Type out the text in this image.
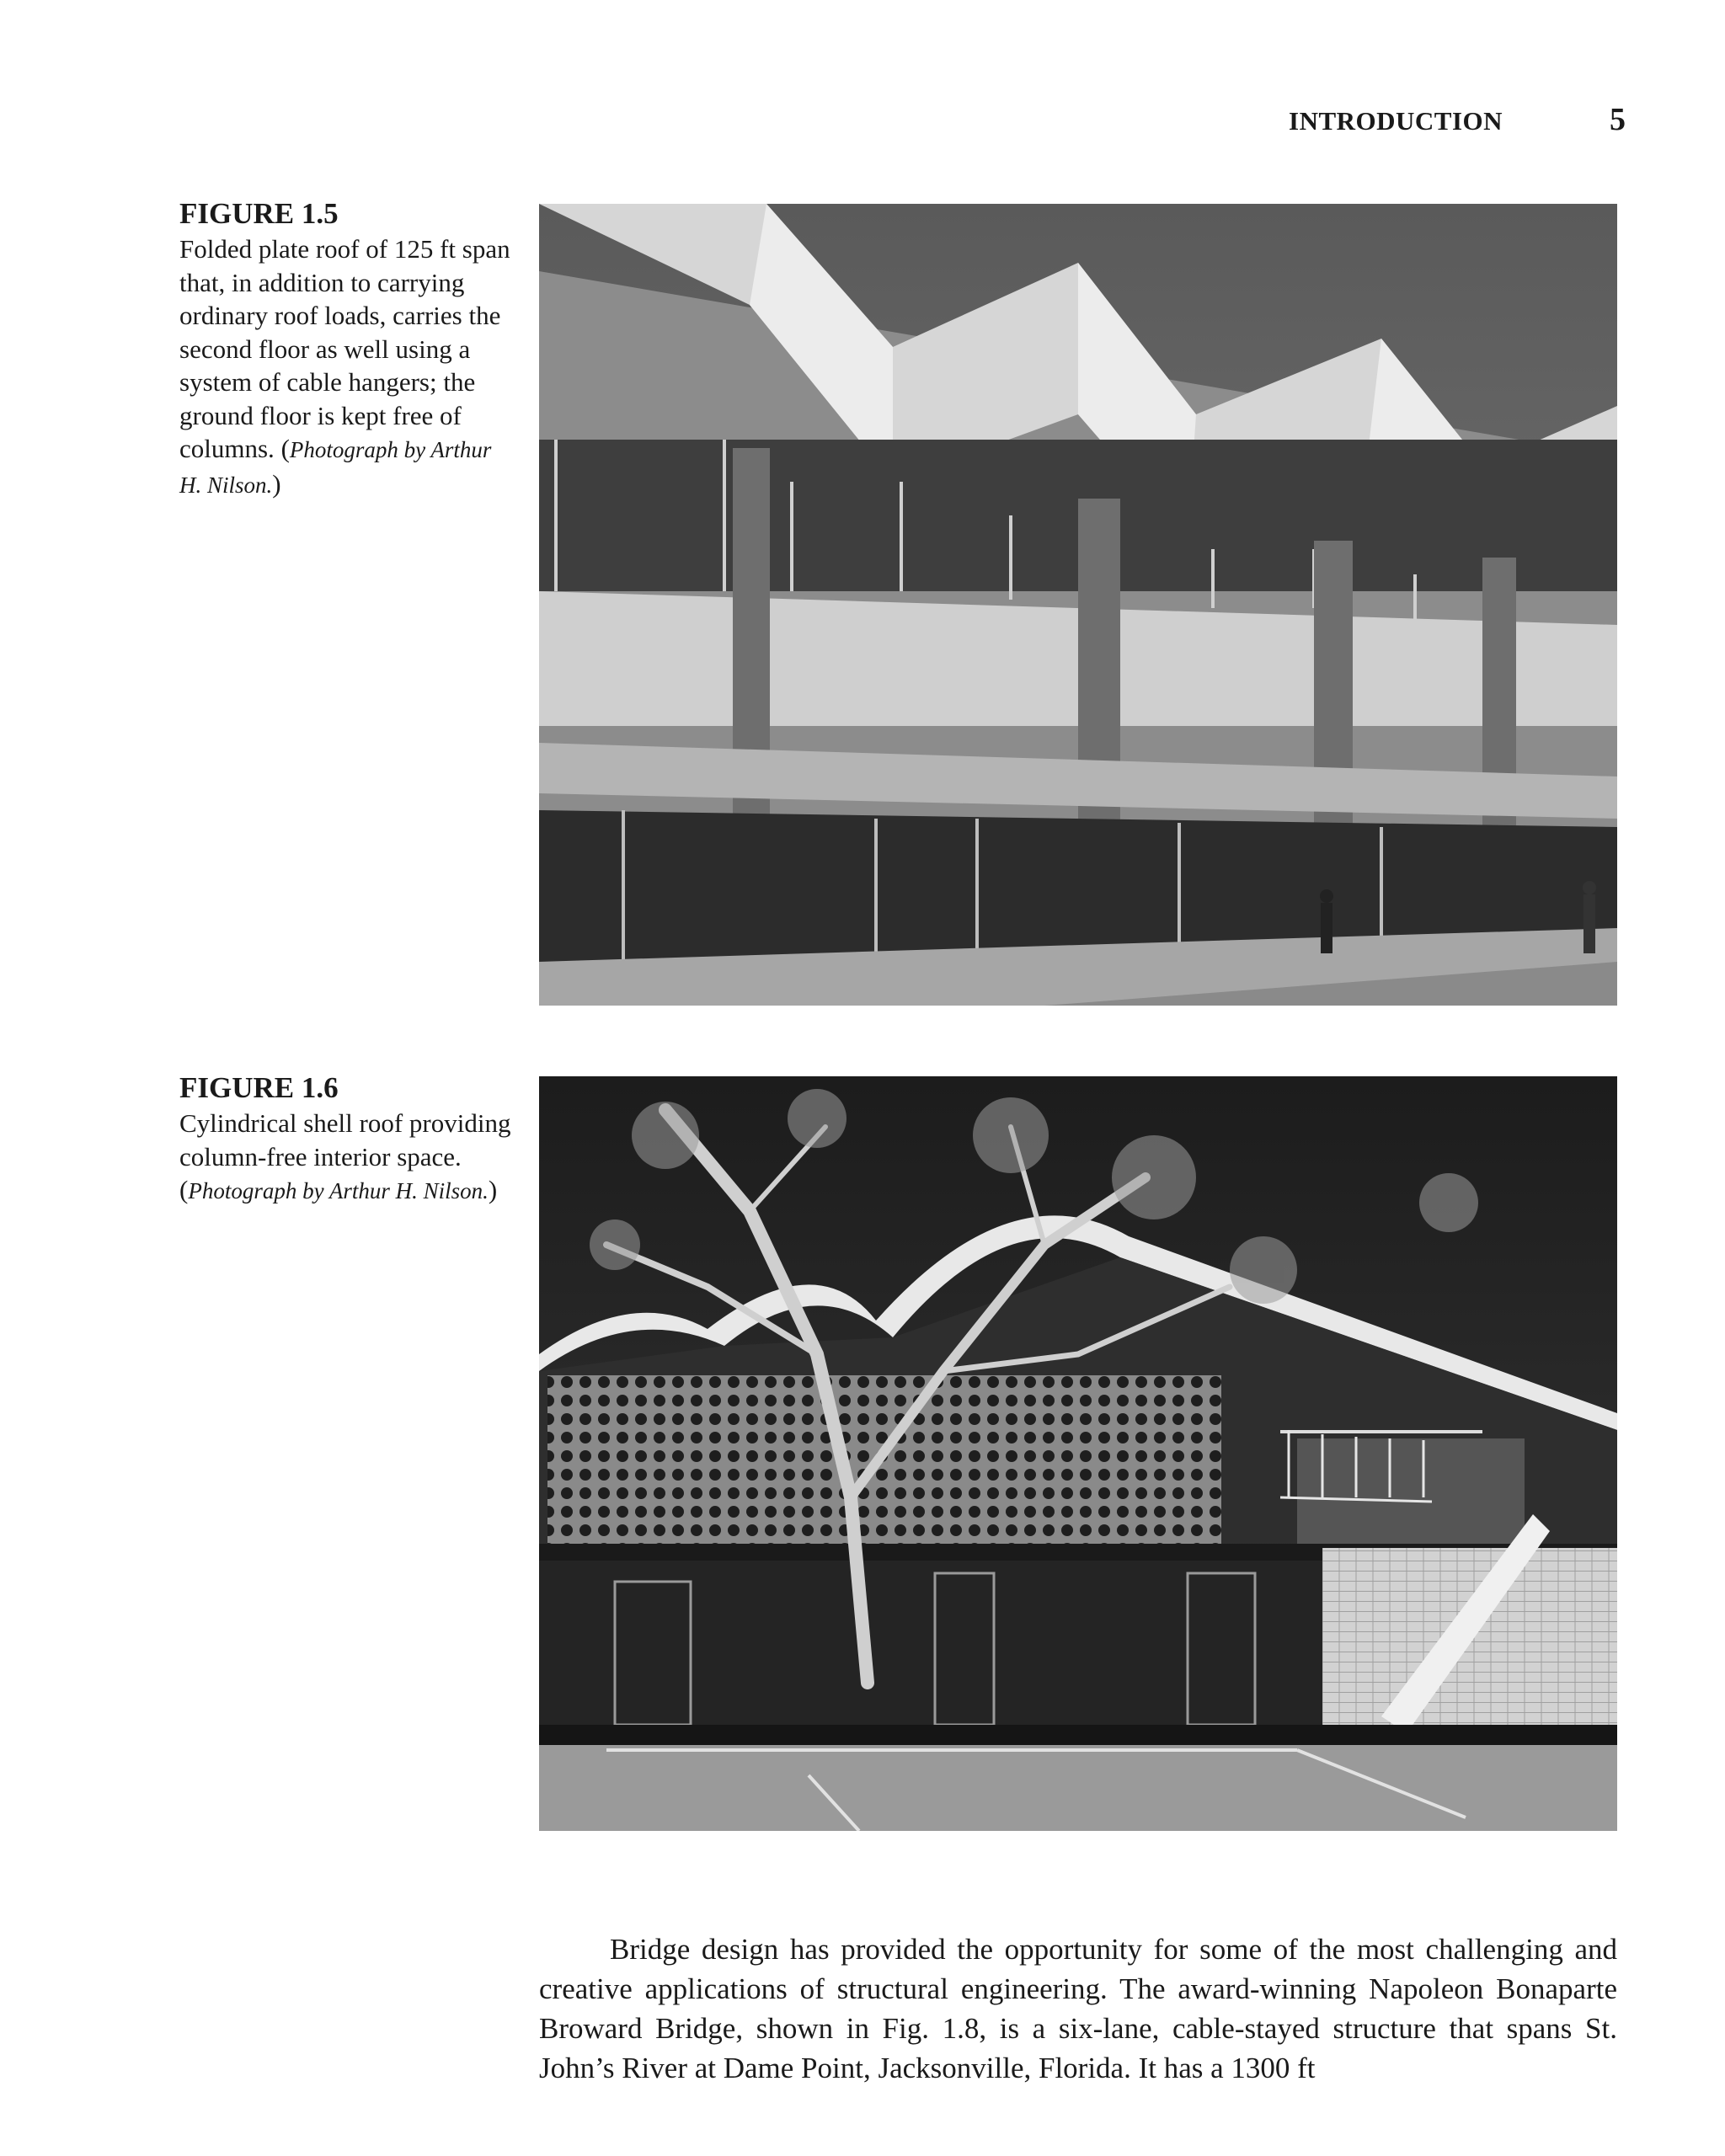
INTRODUCTION	5
FIGURE 1.5
Folded plate roof of 125 ft span that, in addition to carrying ordinary roof loads, carries the second floor as well using a system of cable hangers; the ground floor is kept free of columns. (Photograph by Arthur H. Nilson.)
FIGURE 1.6
Cylindrical shell roof providing column-free interior space. (Photograph by Arthur H. Nilson.)

Bridge design has provided the opportunity for some of the most challenging and creative applications of structural engineering. The award-winning Napoleon Bonaparte Broward Bridge, shown in Fig. 1.8, is a six-lane, cable-stayed structure that spans St. John’s River at Dame Point, Jacksonville, Florida. It has a 1300 ft
